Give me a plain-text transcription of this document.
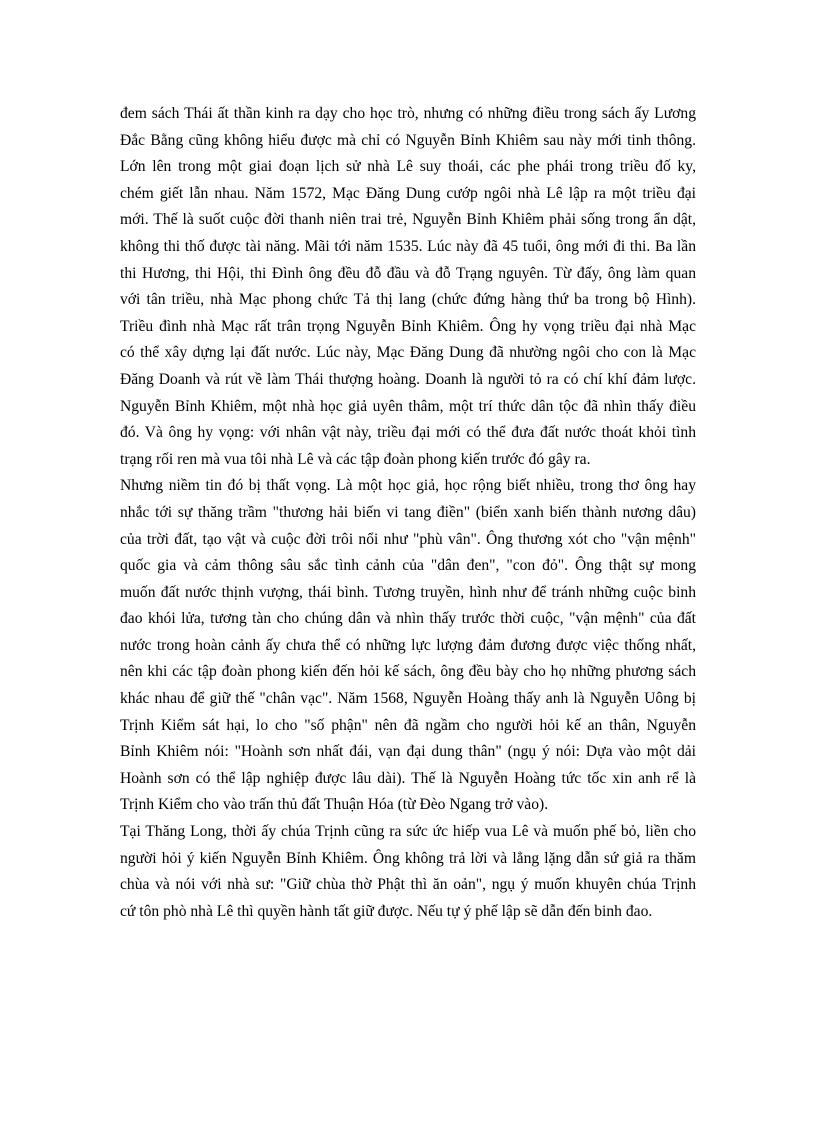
đem sách Thái ất thần kinh ra dạy cho học trò, nhưng có những điều trong sách ấy Lương
Đắc Bằng cũng không hiểu được mà chỉ có Nguyễn Bỉnh Khiêm sau này mới tinh thông.
Lớn lên trong một giai đoạn lịch sử nhà Lê suy thoái, các phe phái trong triều đố ky,
chém giết lẫn nhau. Năm 1572, Mạc Đăng Dung cướp ngôi nhà Lê lập ra một triều đại
mới. Thế là suốt cuộc đời thanh niên trai trẻ, Nguyễn Bỉnh Khiêm phải sống trong ẩn dật,
không thi thố được tài năng. Mãi tới năm 1535. Lúc này đã 45 tuổi, ông mới đi thi. Ba lần
thi Hương, thi Hội, thi Đình ông đều đỗ đầu và đỗ Trạng nguyên. Từ đấy, ông làm quan
với tân triều, nhà Mạc phong chức Tả thị lang (chức đứng hàng thứ ba trong bộ Hình).
Triều đình nhà Mạc rất trân trọng Nguyễn Bỉnh Khiêm. Ông hy vọng triều đại nhà Mạc
có thể xây dựng lại đất nước. Lúc này, Mạc Đăng Dung đã nhường ngôi cho con là Mạc
Đăng Doanh và rút về làm Thái thượng hoàng. Doanh là người tỏ ra có chí khí đảm lược.
Nguyễn Bỉnh Khiêm, một nhà học giả uyên thâm, một trí thức dân tộc đã nhìn thấy điều
đó. Và ông hy vọng: với nhân vật này, triều đại mới có thể đưa đất nước thoát khỏi tình
trạng rối ren mà vua tôi nhà Lê và các tập đoàn phong kiến trước đó gây ra.
Nhưng niềm tin đó bị thất vọng. Là một học giả, học rộng biết nhiều, trong thơ ông hay
nhắc tới sự thăng trầm "thương hải biến vi tang điền" (biển xanh biến thành nương dâu)
của trời đất, tạo vật và cuộc đời trôi nổi như "phù vân". Ông thương xót cho "vận mệnh"
quốc gia và cảm thông sâu sắc tình cảnh của "dân đen", "con đỏ". Ông thật sự mong
muốn đất nước thịnh vượng, thái bình. Tương truyền, hình như để tránh những cuộc binh
đao khói lửa, tương tàn cho chúng dân và nhìn thấy trước thời cuộc, "vận mệnh" của đất
nước trong hoàn cảnh ấy chưa thể có những lực lượng đảm đương được việc thống nhất,
nên khi các tập đoàn phong kiến đến hỏi kế sách, ông đều bày cho họ những phương sách
khác nhau để giữ thế "chân vạc". Năm 1568, Nguyễn Hoàng thấy anh là Nguyễn Uông bị
Trịnh Kiểm sát hại, lo cho "số phận" nên đã ngầm cho người hỏi kế an thân, Nguyễn
Bỉnh Khiêm nói: "Hoành sơn nhất đái, vạn đại dung thân" (ngụ ý nói: Dựa vào một dải
Hoành sơn có thể lập nghiệp được lâu dài). Thế là Nguyễn Hoàng tức tốc xin anh rể là
Trịnh Kiểm cho vào trấn thủ đất Thuận Hóa (từ Đèo Ngang trở vào).
Tại Thăng Long, thời ấy chúa Trịnh cũng ra sức ức hiếp vua Lê và muốn phế bỏ, liền cho
người hỏi ý kiến Nguyễn Bỉnh Khiêm. Ông không trả lời và lẳng lặng dẫn sứ giả ra thăm
chùa và nói với nhà sư: "Giữ chùa thờ Phật thì ăn oản", ngụ ý muốn khuyên chúa Trịnh
cứ tôn phò nhà Lê thì quyền hành tất giữ được. Nếu tự ý phế lập sẽ dẫn đến binh đao.
